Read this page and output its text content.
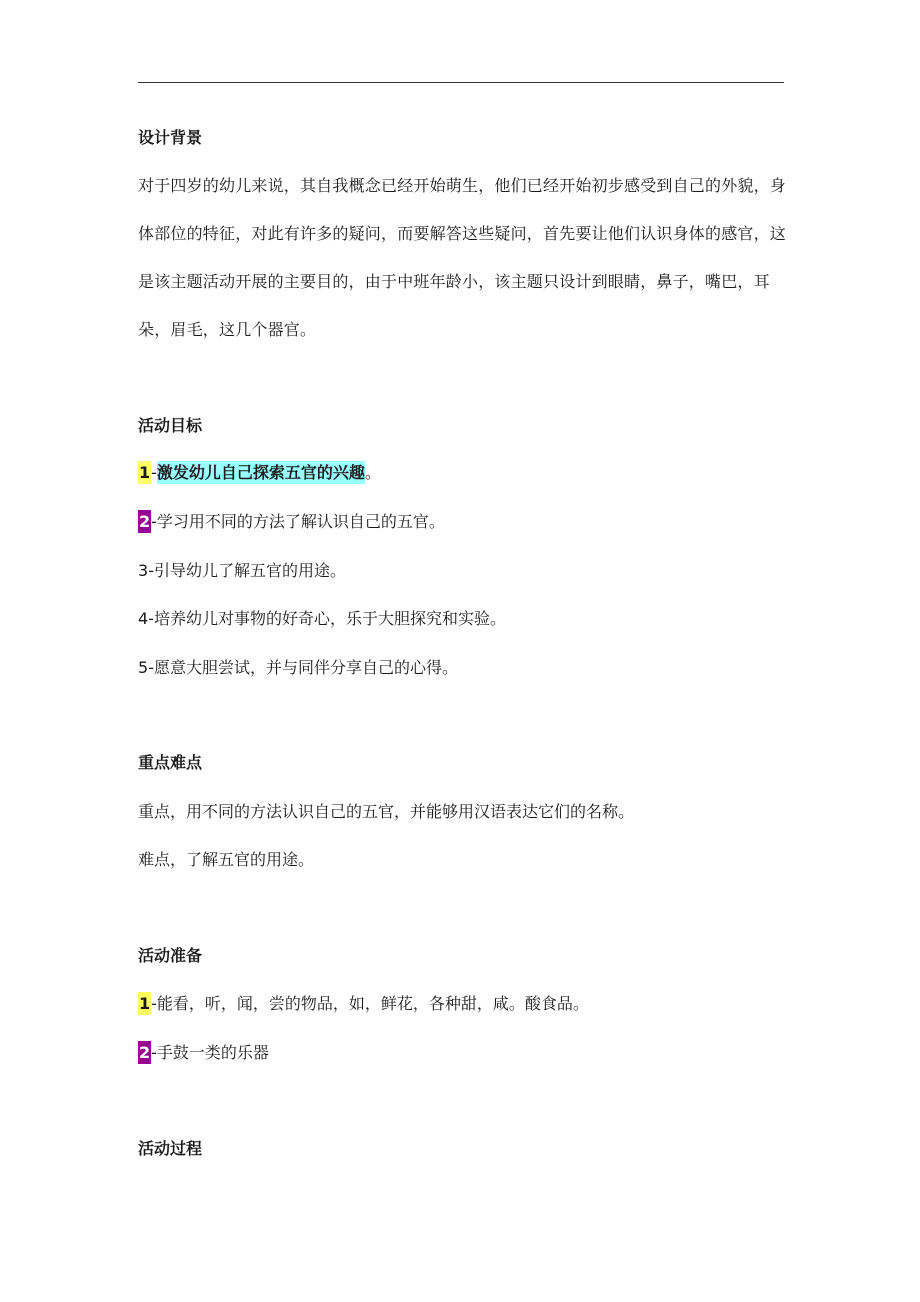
设计背景
对于四岁的幼儿来说，其自我概念已经开始萌生，他们已经开始初步感受到自己的外貌，身体部位的特征，对此有许多的疑问，而要解答这些疑问，首先要让他们认识身体的感官，这是该主题活动开展的主要目的，由于中班年龄小，该主题只设计到眼睛，鼻子，嘴巴，耳朵，眉毛，这几个器官。
活动目标
1-激发幼儿自己探索五官的兴趣。
2-学习用不同的方法了解认识自己的五官。
3-引导幼儿了解五官的用途。
4-培养幼儿对事物的好奇心，乐于大胆探究和实验。
5-愿意大胆尝试，并与同伴分享自己的心得。
重点难点
重点，用不同的方法认识自己的五官，并能够用汉语表达它们的名称。
难点，了解五官的用途。
活动准备
1-能看，听，闻，尝的物品，如，鲜花，各种甜，咸。酸食品。
2-手鼓一类的乐器
活动过程
